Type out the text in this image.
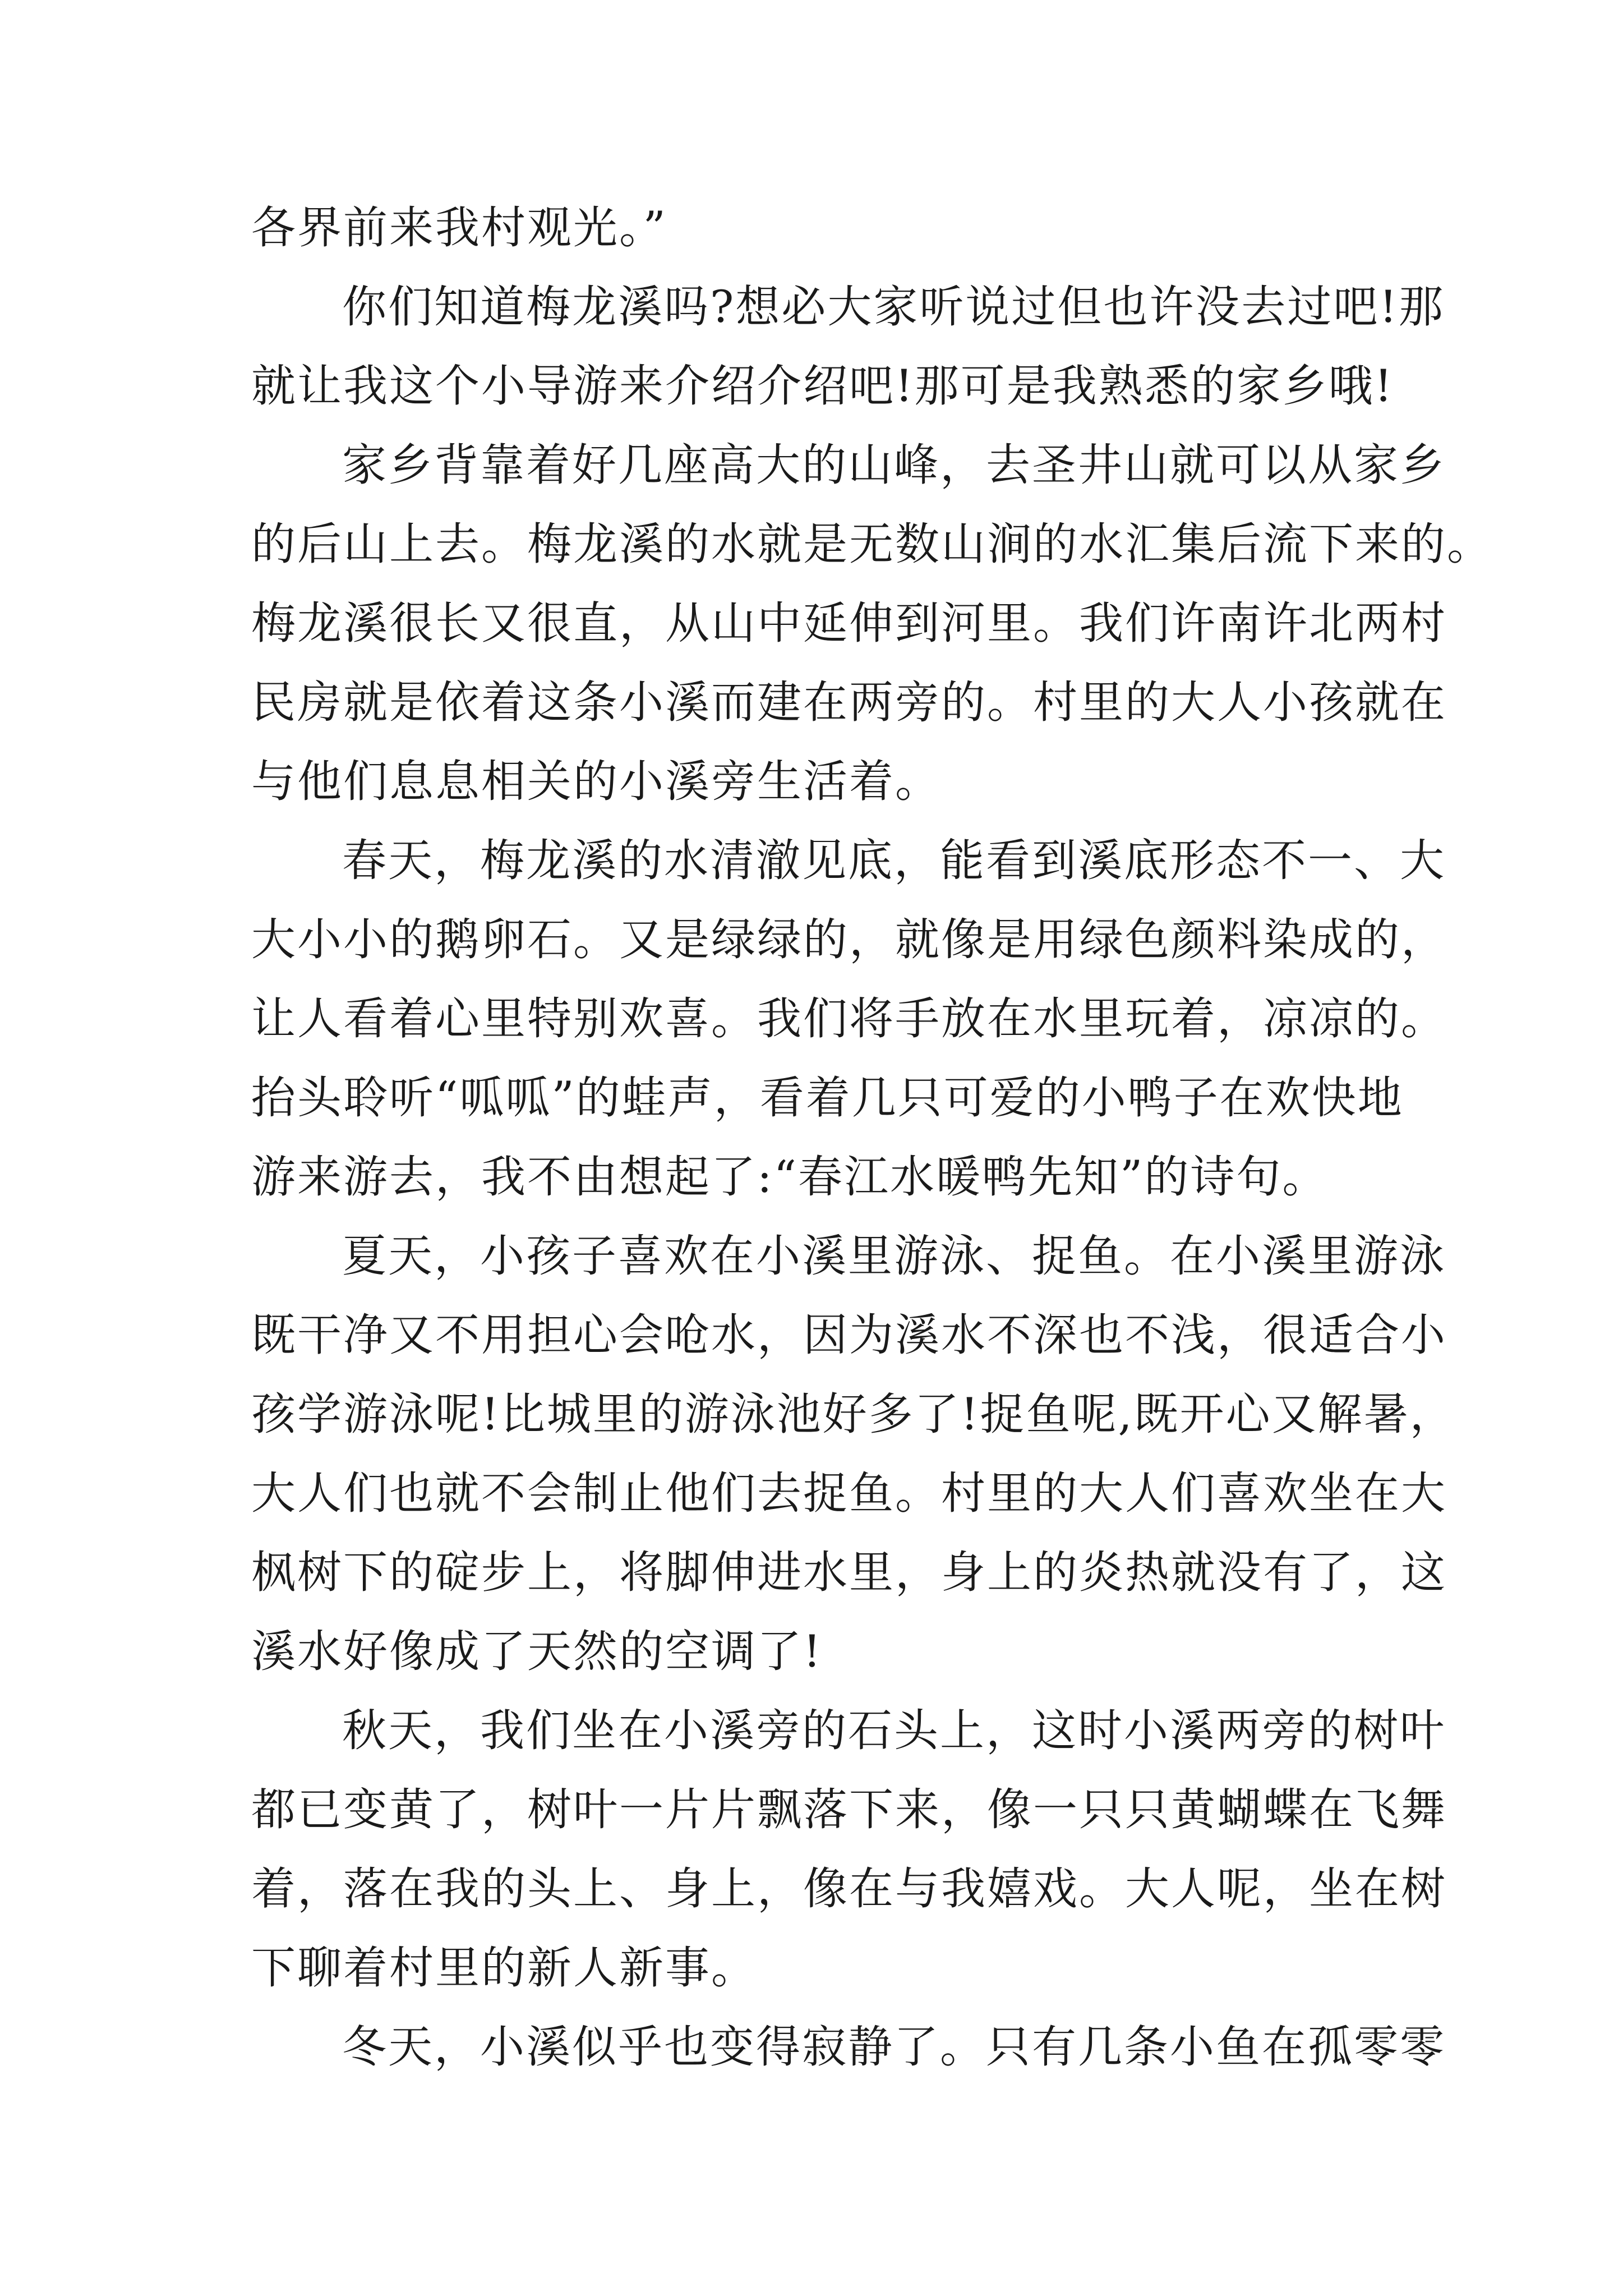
各界前来我村观光。”
你们知道梅龙溪吗?想必大家听说过但也许没去过吧!那
就让我这个小导游来介绍介绍吧!那可是我熟悉的家乡哦!
家乡背靠着好几座高大的山峰，去圣井山就可以从家乡
的后山上去。梅龙溪的水就是无数山涧的水汇集后流下来的。
梅龙溪很长又很直，从山中延伸到河里。我们许南许北两村
民房就是依着这条小溪而建在两旁的。村里的大人小孩就在
与他们息息相关的小溪旁生活着。
春天，梅龙溪的水清澈见底，能看到溪底形态不一、大
大小小的鹅卵石。又是绿绿的，就像是用绿色颜料染成的，
让人看着心里特别欢喜。我们将手放在水里玩着，凉凉的。
抬头聆听“呱呱”的蛙声，看着几只可爱的小鸭子在欢快地
游来游去，我不由想起了:“春江水暖鸭先知”的诗句。
夏天，小孩子喜欢在小溪里游泳、捉鱼。在小溪里游泳
既干净又不用担心会呛水，因为溪水不深也不浅，很适合小
孩学游泳呢!比城里的游泳池好多了!捉鱼呢,既开心又解暑，
大人们也就不会制止他们去捉鱼。村里的大人们喜欢坐在大
枫树下的碇步上，将脚伸进水里，身上的炎热就没有了，这
溪水好像成了天然的空调了!
秋天，我们坐在小溪旁的石头上，这时小溪两旁的树叶
都已变黄了，树叶一片片飘落下来，像一只只黄蝴蝶在飞舞
着，落在我的头上、身上，像在与我嬉戏。大人呢，坐在树
下聊着村里的新人新事。
冬天，小溪似乎也变得寂静了。只有几条小鱼在孤零零
